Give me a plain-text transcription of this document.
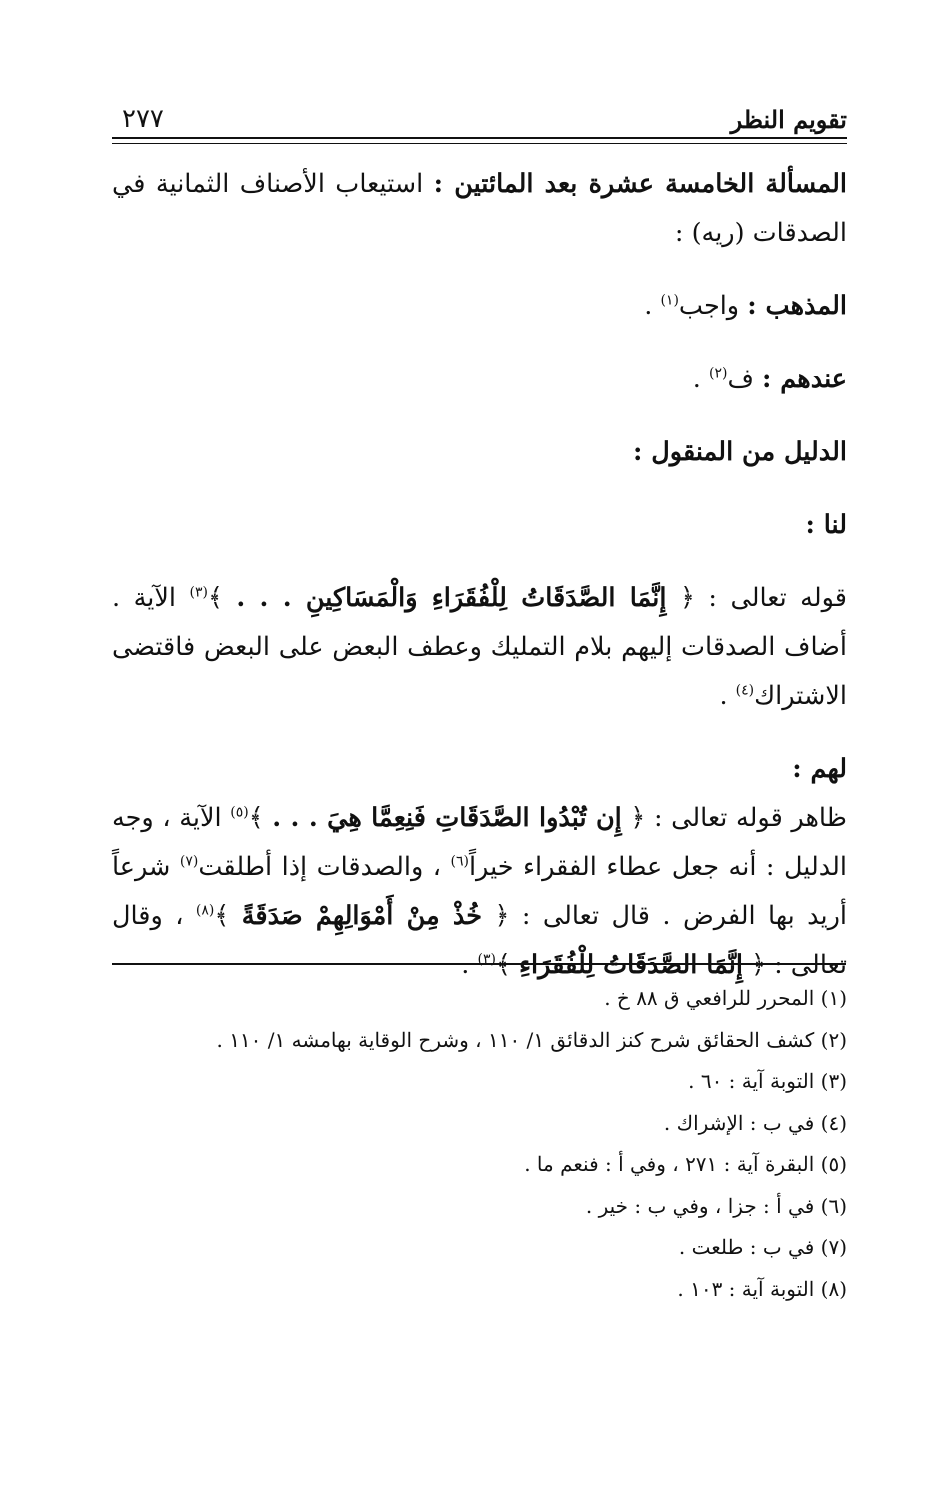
٢٧٧	تقويم النظر

المسألة الخامسة عشرة بعد المائتين : استيعاب الأصناف الثمانية في الصدقات (ريه) :

المذهب : واجب$^{(١)}$ .

عندهم : ف$^{(٢)}$ .

الدليل من المنقول :

لنا :

قوله تعالى : ﴿ إِنَّمَا الصَّدَقَاتُ لِلْفُقَرَاءِ وَالْمَسَاكِينِ . . . ﴾$^{(٣)}$ الآية . أضاف الصدقات إليهم بلام التمليك وعطف البعض على البعض فاقتضى الاشتراك$^{(٤)}$ .

لهم :

ظاهر قوله تعالى : ﴿ إِن تُبْدُوا الصَّدَقَاتِ فَنِعِمَّا هِيَ . . . ﴾$^{(٥)}$ الآية ، وجه الدليل : أنه جعل عطاء الفقراء خيراً$^{(٦)}$ ، والصدقات إذا أطلقت$^{(٧)}$ شرعاً أريد بها الفرض . قال تعالى : ﴿ خُذْ مِنْ أَمْوَالِهِمْ صَدَقَةً ﴾$^{(٨)}$ ، وقال تعالى : ﴿ إِنَّمَا الصَّدَقَاتُ لِلْفُقَرَاءِ ﴾$^{(٣)}$ .

(١) المحرر للرافعي ق ٨٨ خ .
(٢) كشف الحقائق شرح كنز الدقائق ١/ ١١٠ ، وشرح الوقاية بهامشه ١/ ١١٠ .
(٣) التوبة آية : ٦٠ .
(٤) في ب : الإشراك .
(٥) البقرة آية : ٢٧١ ، وفي أ : فنعم ما .
(٦) في أ : جزا ، وفي ب : خير .
(٧) في ب : طلعت .
(٨) التوبة آية : ١٠٣ .
